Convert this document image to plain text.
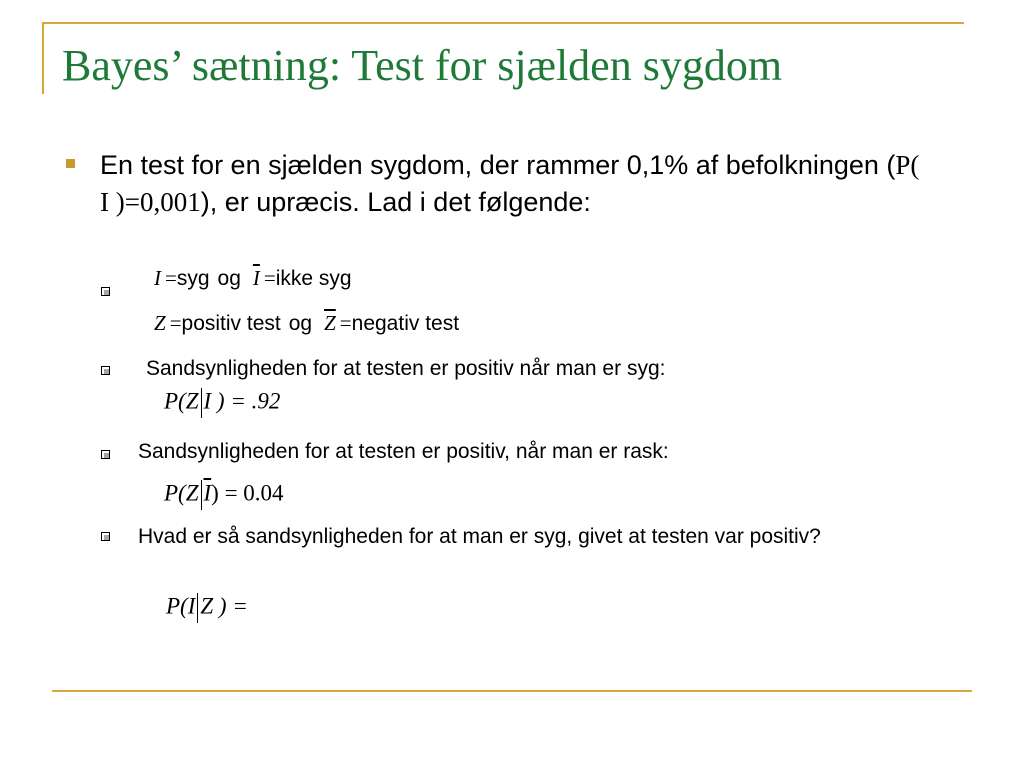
Bayes’ sætning: Test for sjælden sygdom
En test for en sjælden sygdom, der rammer 0,1% af befolkningen (P( I )=0,001), er upræcis. Lad i det følgende:
I =syg og $\overline{I}$ =ikke syg
Z =positiv test og $\overline{Z}$ =negativ test
Sandsynligheden for at testen er positiv når man er syg:
P(Z I ) = .92
Sandsynligheden for at testen er positiv, når man er rask:
P(Z $\overline{I}) = 0.04$
Hvad er så sandsynligheden for at man er syg, givet at testen var positiv?
P(I Z ) =
